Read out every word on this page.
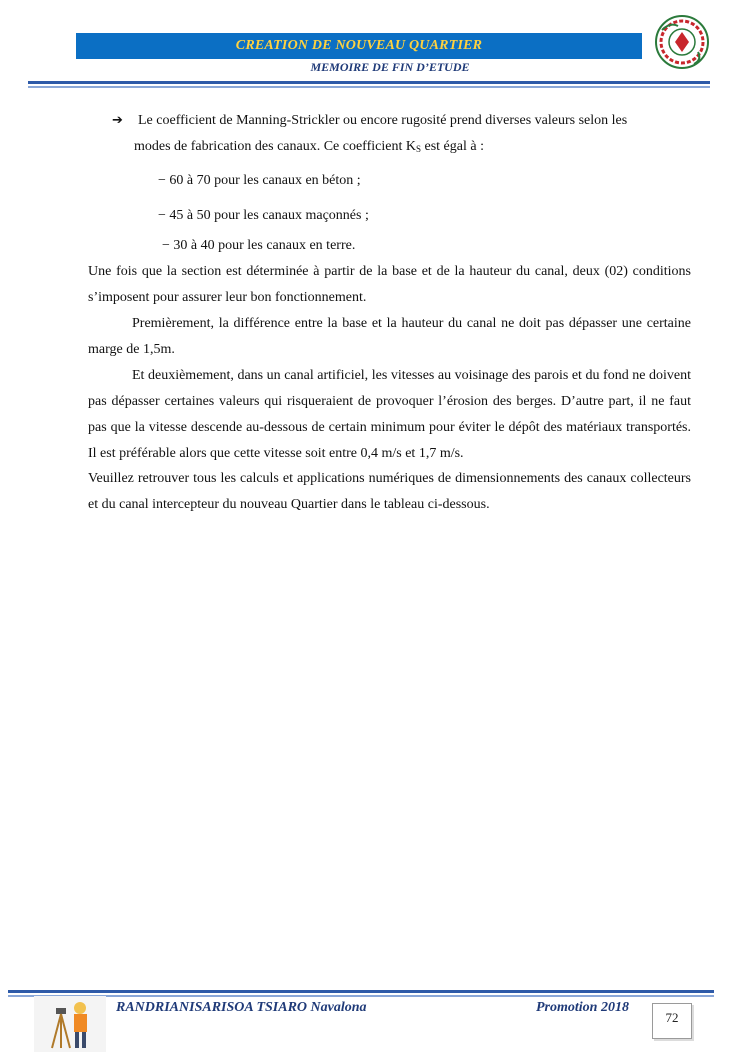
CREATION DE NOUVEAU QUARTIER
MEMOIRE DE FIN D’ETUDE
➔ Le coefficient de Manning-Strickler ou encore rugosité prend diverses valeurs selon les
modes de fabrication des canaux. Ce coefficient $K_S$ est égal à :
− 60 à 70 pour les canaux en béton ;
− 45 à 50 pour les canaux maçonnés ;
− 30 à 40 pour les canaux en terre.
Une fois que la section est déterminée à partir de la base et de la hauteur du canal, deux (02) conditions s’imposent pour assurer leur bon fonctionnement.
Premièrement, la différence entre la base et la hauteur du canal ne doit pas dépasser une certaine marge de 1,5m.
Et deuxièmement, dans un canal artificiel, les vitesses au voisinage des parois et du fond ne doivent pas dépasser certaines valeurs qui risqueraient de provoquer l’érosion des berges. D’autre part, il ne faut pas que la vitesse descende au-dessous de certain minimum pour éviter le dépôt des matériaux transportés. Il est préférable alors que cette vitesse soit entre 0,4 m/s et 1,7 m/s.
Veuillez retrouver tous les calculs et applications numériques de dimensionnements des canaux collecteurs et du canal intercepteur du nouveau Quartier dans le tableau ci-dessous.
RANDRIANISARISOA TSIARO Navalona	Promotion 2018
72
